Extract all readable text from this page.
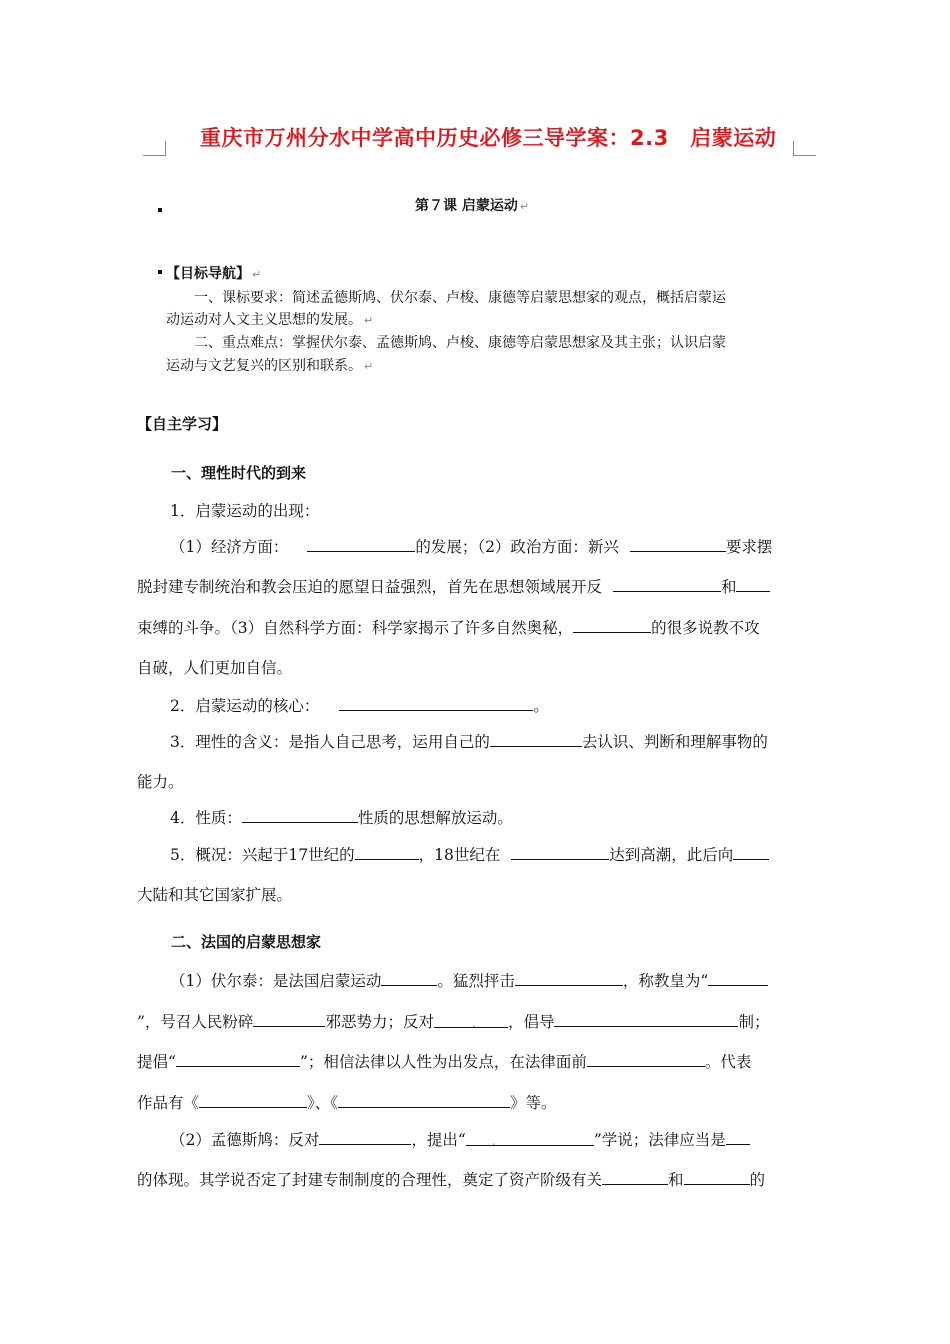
重庆市万州分水中学高中历史必修三导学案：2.3　启蒙运动
第７课 启蒙运动 ↵
【目标导航】 ↵
一、课标要求：简述孟德斯鸠、伏尔泰、卢梭、康德等启蒙思想家的观点，概括启蒙运
动运动对人文主义思想的发展。 ↵
二、重点难点：掌握伏尔泰、孟德斯鸠、卢梭、康德等启蒙思想家及其主张；认识启蒙
运动与文艺复兴的区别和联系。 ↵
【自主学习】
一、理性时代的到来
1．启蒙运动的出现：
（1）经济方面：	的发展；（2）政治方面：新兴	要求摆
脱封建专制统治和教会压迫的愿望日益强烈，首先在思想领域展开反	和
束缚的斗争。（3）自然科学方面：科学家揭示了许多自然奥秘，	的很多说教不攻
自破，人们更加自信。
2．启蒙运动的核心：	。
3．理性的含义：是指人自己思考，运用自己的	去认识、判断和理解事物的
能力。
4．性质：	性质的思想解放运动。
5．概况：兴起于17世纪的	，18世纪在	达到高潮，此后向
大陆和其它国家扩展。
二、法国的启蒙思想家
（1）伏尔泰：是法国启蒙运动	。猛烈抨击	，称教皇为“
”，号召人民粉碎	邪恶势力；反对	. ，倡导	制；
提倡“	”；相信法律以人性为出发点，在法律面前	。代表
作品有《	》、《	》等。
（2）孟德斯鸠：反对	，提出“ .	”学说；法律应当是
的体现。其学说否定了封建专制制度的合理性，奠定了资产阶级有关	和	的
